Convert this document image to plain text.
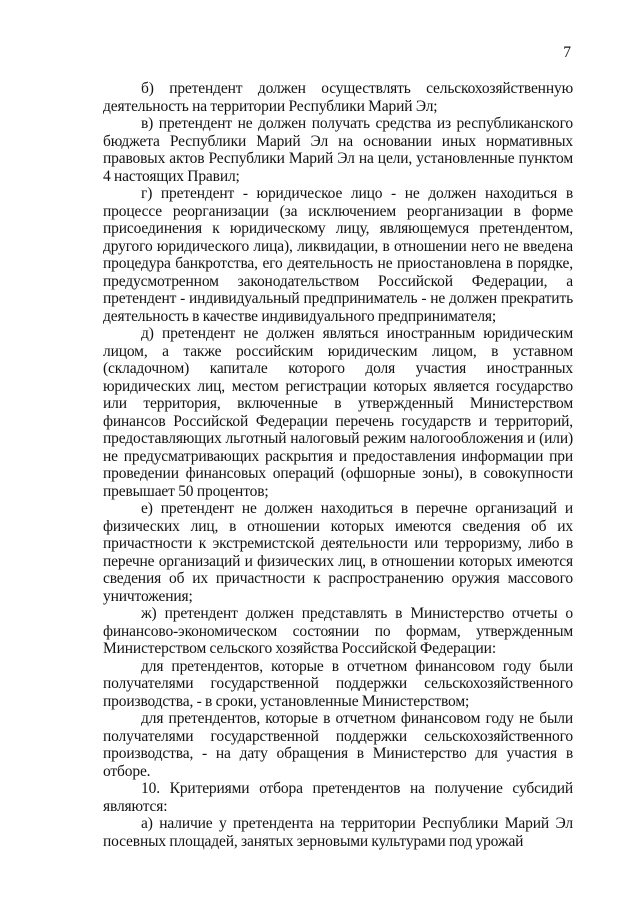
7

б) претендент должен осуществлять сельскохозяйственную деятельность на территории Республики Марий Эл;

в) претендент не должен получать средства из республиканского бюджета Республики Марий Эл на основании иных нормативных правовых актов Республики Марий Эл на цели, установленные пунктом 4 настоящих Правил;

г) претендент - юридическое лицо - не должен находиться в процессе реорганизации (за исключением реорганизации в форме присоединения к юридическому лицу, являющемуся претендентом, другого юридического лица), ликвидации, в отношении него не введена процедура банкротства, его деятельность не приостановлена в порядке, предусмотренном законодательством Российской Федерации, а претендент - индивидуальный предприниматель - не должен прекратить деятельность в качестве индивидуального предпринимателя;

д) претендент не должен являться иностранным юридическим лицом, а также российским юридическим лицом, в уставном (складочном) капитале которого доля участия иностранных юридических лиц, местом регистрации которых является государство или территория, включенные в утвержденный Министерством финансов Российской Федерации перечень государств и территорий, предоставляющих льготный налоговый режим налогообложения и (или) не предусматривающих раскрытия и предоставления информации при проведении финансовых операций (офшорные зоны), в совокупности превышает 50 процентов;

е) претендент не должен находиться в перечне организаций и физических лиц, в отношении которых имеются сведения об их причастности к экстремистской деятельности или терроризму, либо в перечне организаций и физических лиц, в отношении которых имеются сведения об их причастности к распространению оружия массового уничтожения;

ж) претендент должен представлять в Министерство отчеты о финансово-экономическом состоянии по формам, утвержденным Министерством сельского хозяйства Российской Федерации:

для претендентов, которые в отчетном финансовом году были получателями государственной поддержки сельскохозяйственного производства, - в сроки, установленные Министерством;

для претендентов, которые в отчетном финансовом году не были получателями государственной поддержки сельскохозяйственного производства, - на дату обращения в Министерство для участия в отборе.

10. Критериями отбора претендентов на получение субсидий являются:

а) наличие у претендента на территории Республики Марий Эл посевных площадей, занятых зерновыми культурами под урожай
